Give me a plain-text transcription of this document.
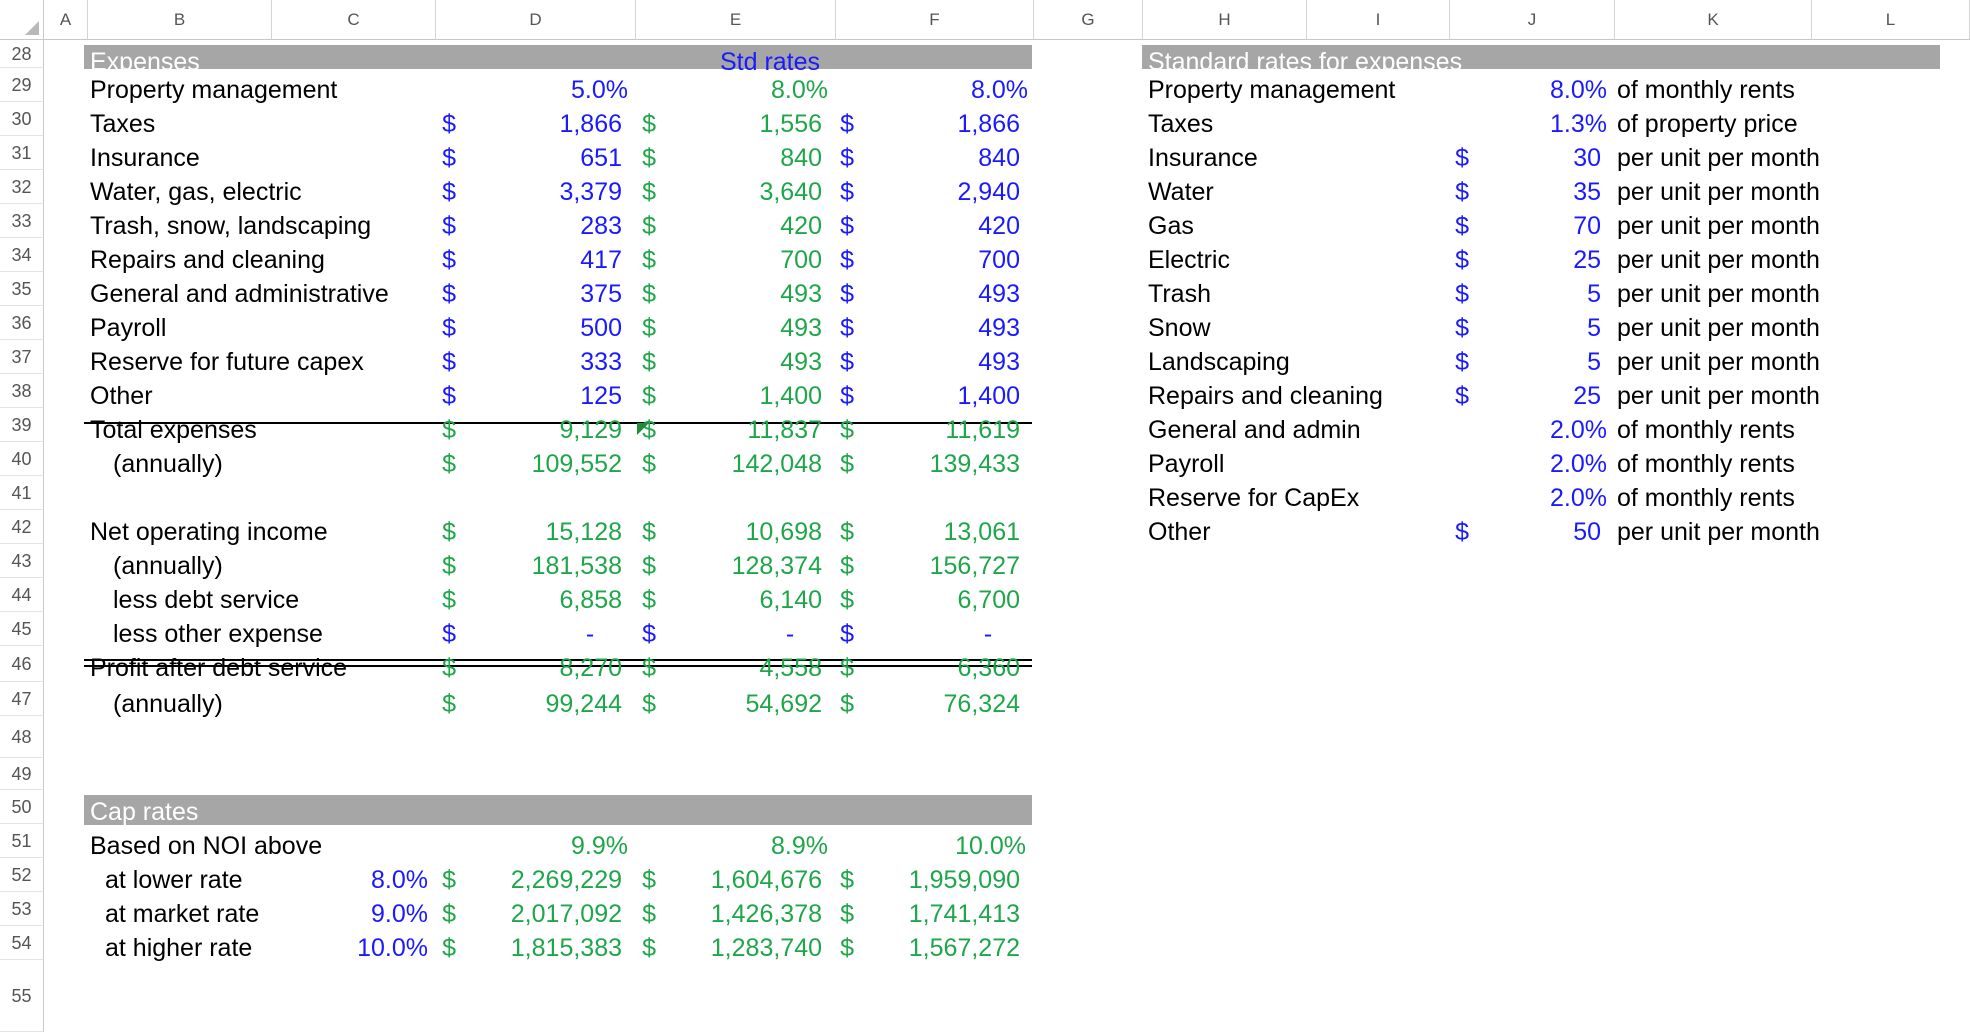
A	B	C	D	E	F	G	H	I	J	K	L
28
29
30
31
32
33
34
35
36
37
38
39
40
41
42
43
44
45
46
47
48
49
50
51
52
53
54
55
Expenses	Std rates
Property management	5.0%	8.0%	8.0%
Taxes	$	1,866 $	1,556 $	1,866
Insurance	$	651 $	840 $	840
Water, gas, electric	$	3,379 $	3,640 $	2,940
Trash, snow, landscaping	$	283 $	420 $	420
Repairs and cleaning	$	417 $	700 $	700
General and administrative $	375 $	493 $	493
Payroll	$	500 $	493 $	493
Reserve for future capex	$	333 $	493 $	493
Other	$	125 $	1,400 $	1,400
Total expenses	$	9,129 $	11,837 $	11,619
(annually)	$	109,552 $	142,048 $	139,433
Net operating income	$	15,128 $	10,698 $	13,061
(annually)	$	181,538 $	128,374 $	156,727
less debt service	$	6,858 $	6,140 $	6,700
less other expense	$	- $	- $	-
Profit after debt service	$	8,270 $	4,558 $	6,360
(annually)	$	99,244 $	54,692 $	76,324
Cap rates
Based on NOI above	9.9%	8.9%	10.0%
at lower rate	8.0% $ 2,269,229 $ 1,604,676 $ 1,959,090
at market rate	9.0% $ 2,017,092 $ 1,426,378 $ 1,741,413
at higher rate	10.0% $ 1,815,383 $ 1,283,740 $ 1,567,272
Standard rates for expenses
Property management	8.0% of monthly rents
Taxes	1.3% of property price
Insurance	$	30 per unit per month
Water	$	35 per unit per month
Gas	$	70 per unit per month
Electric	$	25 per unit per month
Trash	$	5 per unit per month
Snow	$	5 per unit per month
Landscaping	$	5 per unit per month
Repairs and cleaning	$	25 per unit per month
General and admin	2.0% of monthly rents
Payroll	2.0% of monthly rents
Reserve for CapEx	2.0% of monthly rents
Other	$	50 per unit per month
